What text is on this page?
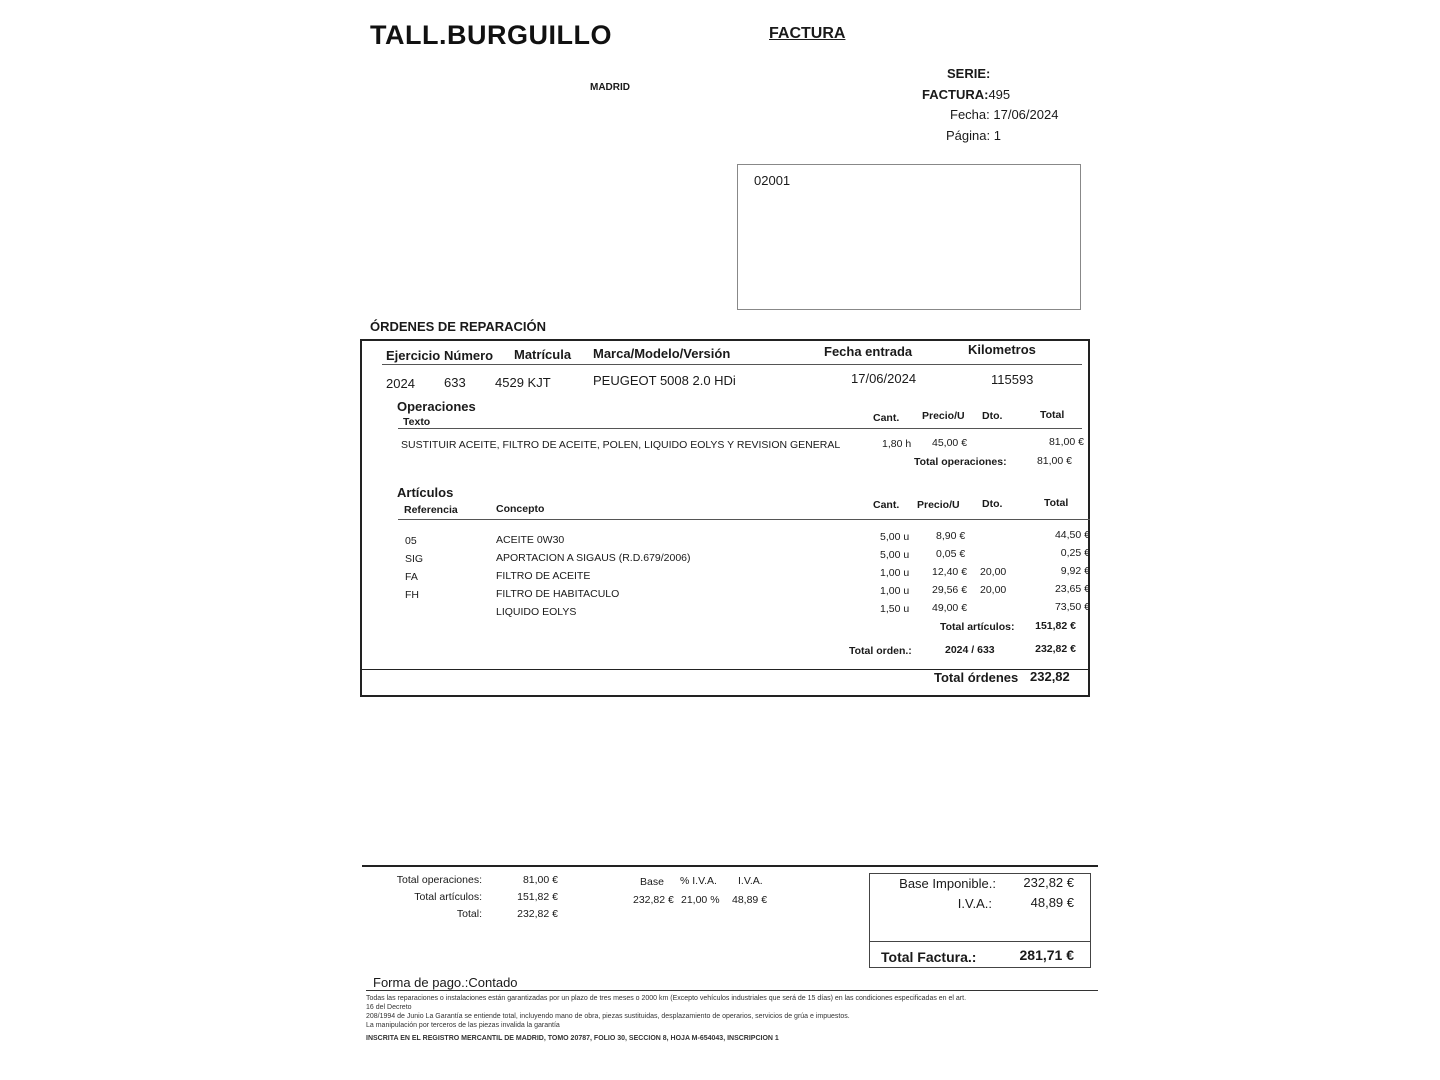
TALL.BURGUILLO	FACTURA
MADRID
SERIE:
FACTURA:495
Fecha: 17/06/2024
Página: 1
02001
ÓRDENES DE REPARACIÓN
Ejercicio Número Matrícula Marca/Modelo/Versión	Fecha entrada	Kilometros
2024 633 4529 KJT	PEUGEOT 5008 2.0 HDi	17/06/2024	115593
Operaciones
Texto	Cant. Precio/U Dto.	Total
SUSTITUIR ACEITE, FILTRO DE ACEITE, POLEN, LIQUIDO EOLYS Y REVISION GENERAL	1,80 h 45,00 €	81,00 €
Total operaciones:	81,00 €
Artículos
Referencia	Concepto	Cant. Precio/U Dto.	Total
05	ACEITE 0W30	5,00 u	8,90 €	44,50 €
SIG	APORTACION A SIGAUS (R.D.679/2006)	5,00 u	0,05 €	0,25 €
FA	FILTRO DE ACEITE	1,00 u 12,40 € 20,00	9,92 €
FH	FILTRO DE HABITACULO	1,00 u 29,56 € 20,00	23,65 €
LIQUIDO EOLYS	1,50 u 49,00 €	73,50 €
Total artículos:	151,82 €
Total orden.:	2024 / 633	232,82 €
Total órdenes 232,82
Total operaciones:	81,00 €
Total artículos:	151,82 €
Total:	232,82 €
Base % I.V.A. I.V.A.
232,82 € 21,00 % 48,89 €
Base Imponible.:	232,82 €
I.V.A.:	48,89 €
Total Factura.:	281,71 €
Forma de pago.:Contado
Todas las reparaciones o instalaciones están garantizadas por un plazo de tres meses o 2000 km (Excepto vehículos industriales que será de 15 días) en las condiciones especificadas en el art.
16 del Decreto
208/1994 de Junio La Garantía se entiende total, incluyendo mano de obra, piezas sustituidas, desplazamiento de operarios, servicios de grúa e impuestos.
La manipulación por terceros de las piezas invalida la garantía
INSCRITA EN EL REGISTRO MERCANTIL DE MADRID, TOMO 20787, FOLIO 30, SECCION 8, HOJA M-654043, INSCRIPCION 1
